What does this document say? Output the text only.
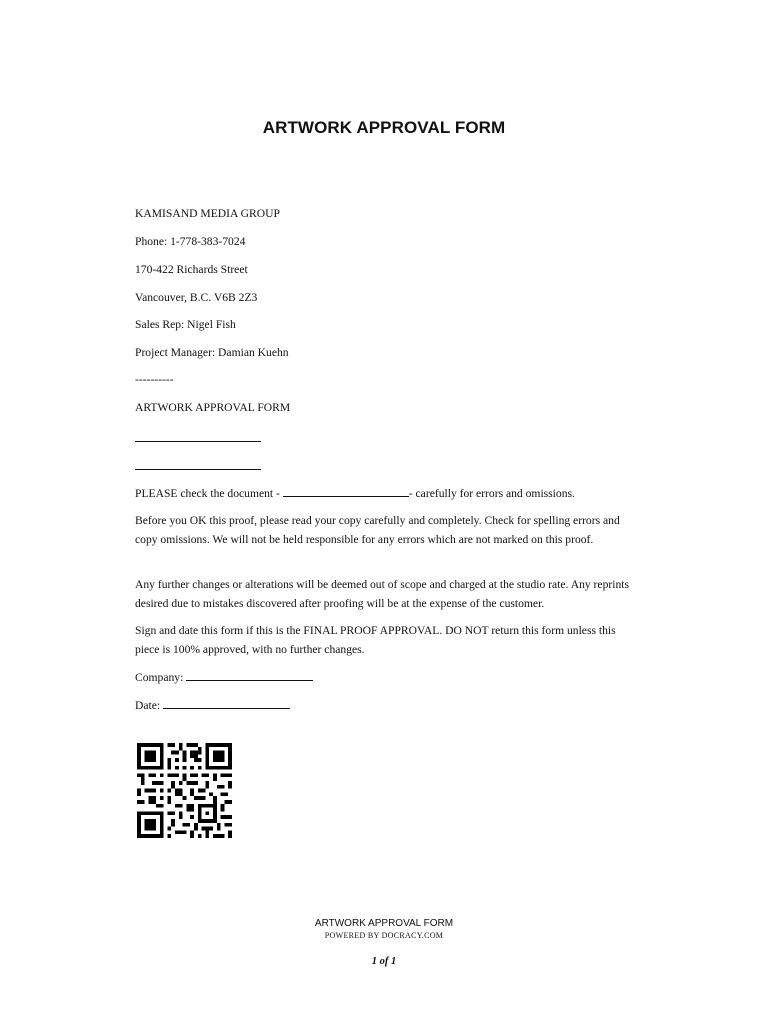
ARTWORK APPROVAL FORM
KAMISAND MEDIA GROUP
Phone: 1-778-383-7024
170-422 Richards Street
Vancouver, B.C. V6B 2Z3
Sales Rep: Nigel Fish
Project Manager: Damian Kuehn
----------
ARTWORK APPROVAL FORM
PLEASE check the document -	- carefully for errors and omissions.
Before you OK this proof, please read your copy carefully and completely. Check for spelling errors and copy omissions. We will not be held responsible for any errors which are not marked on this proof.
Any further changes or alterations will be deemed out of scope and charged at the studio rate. Any reprints desired due to mistakes discovered after proofing will be at the expense of the customer.
Sign and date this form if this is the FINAL PROOF APPROVAL. DO NOT return this form unless this piece is 100% approved, with no further changes.
Company:
Date:
ARTWORK APPROVAL FORM
POWERED BY DOCRACY.COM
1 of 1
